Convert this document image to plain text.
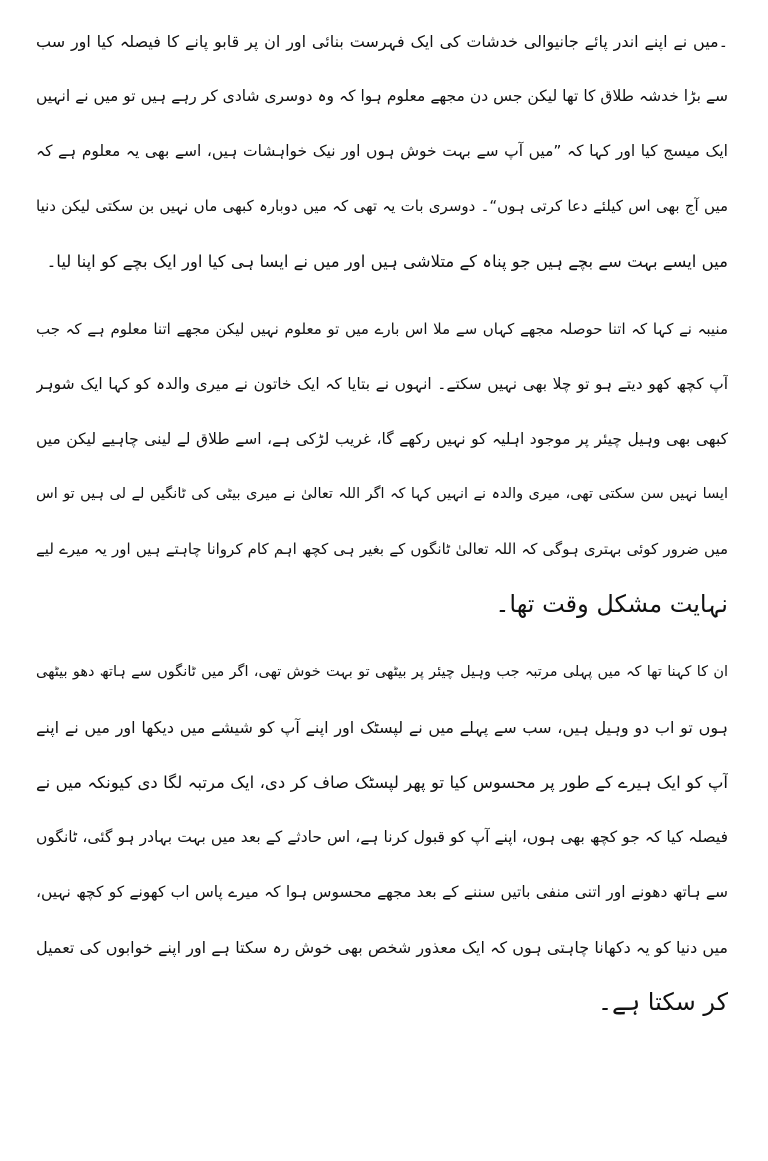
۔میں نے اپنے اندر پائے جانیوالی خدشات کی ایک فہرست بنائی اور ان پر قابو پانے کا فیصلہ کیا اور سب
سے بڑا خدشہ طلاق کا تھا لیکن جس دن مجھے معلوم ہوا کہ وہ دوسری شادی کر رہے ہیں تو میں نے انہیں
ایک میسج کیا اور کہا کہ ”میں آپ سے بہت خوش ہوں اور نیک خواہشات ہیں، اسے بھی یہ معلوم ہے کہ
میں آج بھی اس کیلئے دعا کرتی ہوں“۔ دوسری بات یہ تھی کہ میں دوبارہ کبھی ماں نہیں بن سکتی لیکن دنیا
میں ایسے بہت سے بچے ہیں جو پناہ کے متلاشی ہیں اور میں نے ایسا ہی کیا اور ایک بچے کو اپنا لیا۔
منیبہ نے کہا کہ اتنا حوصلہ مجھے کہاں سے ملا اس بارے میں تو معلوم نہیں لیکن مجھے اتنا معلوم ہے کہ جب
آپ کچھ کھو دیتے ہو تو چلا بھی نہیں سکتے۔ انہوں نے بتایا کہ ایک خاتون نے میری والدہ کو کہا ایک شوہر
کبھی بھی وہیل چیئر پر موجود اہلیہ کو نہیں رکھے گا، غریب لڑکی ہے، اسے طلاق لے لینی چاہیے لیکن میں
ایسا نہیں سن سکتی تھی، میری والدہ نے انہیں کہا کہ اگر اللہ تعالیٰ نے میری بیٹی کی ٹانگیں لے لی ہیں تو اس
میں ضرور کوئی بہتری ہوگی کہ اللہ تعالیٰ ٹانگوں کے بغیر ہی کچھ اہم کام کروانا چاہتے ہیں اور یہ میرے لیے
نہایت مشکل وقت تھا۔
ان کا کہنا تھا کہ میں پہلی مرتبہ جب وہیل چیئر پر بیٹھی تو بہت خوش تھی، اگر میں ٹانگوں سے ہاتھ دھو بیٹھی
ہوں تو اب دو وہیل ہیں، سب سے پہلے میں نے لپسٹک اور اپنے آپ کو شیشے میں دیکھا اور میں نے اپنے
آپ کو ایک ہیرے کے طور پر محسوس کیا تو پھر لپسٹک صاف کر دی، ایک مرتبہ لگا دی کیونکہ میں نے
فیصلہ کیا کہ جو کچھ بھی ہوں، اپنے آپ کو قبول کرنا ہے، اس حادثے کے بعد میں بہت بہادر ہو گئی، ٹانگوں
سے ہاتھ دھونے اور اتنی منفی باتیں سننے کے بعد مجھے محسوس ہوا کہ میرے پاس اب کھونے کو کچھ نہیں،
میں دنیا کو یہ دکھانا چاہتی ہوں کہ ایک معذور شخص بھی خوش رہ سکتا ہے اور اپنے خوابوں کی تعمیل
کر سکتا ہے۔
